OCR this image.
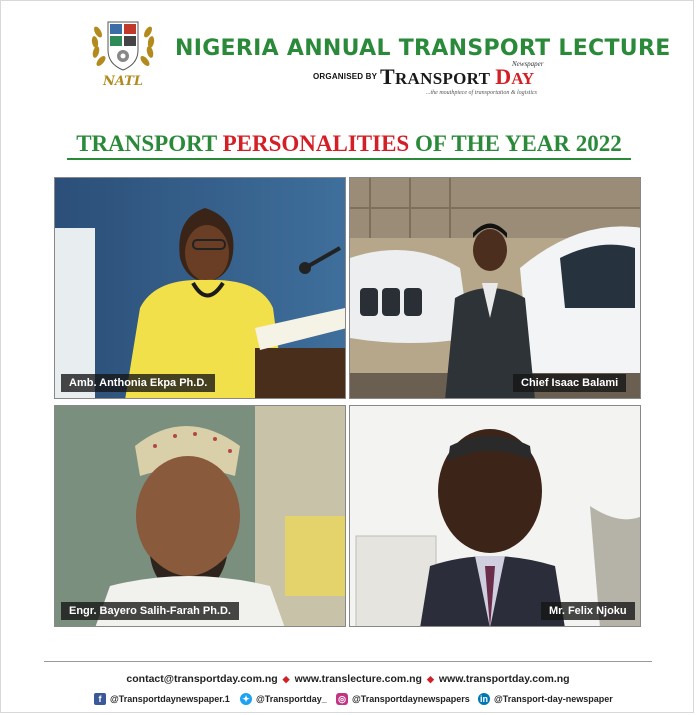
NATL
NIGERIA ANNUAL TRANSPORT LECTURE
ORGANISED BY TRANSPORT DAY
Newspaper
...the mouthpiece of transportation & logistics
TRANSPORT PERSONALITIES OF THE YEAR 2022
Amb. Anthonia Ekpa Ph.D.	Chief Isaac Balami
Engr. Bayero Salih-Farah Ph.D.	Mr. Felix Njoku
contact@transportday.com.ng ◆ www.translecture.com.ng ◆ www.transportday.com.ng
f @Transportdaynewspaper.1 ✦ @Transportday_ ◎ @Transportdaynewspapers in @Transport-day-newspaper
